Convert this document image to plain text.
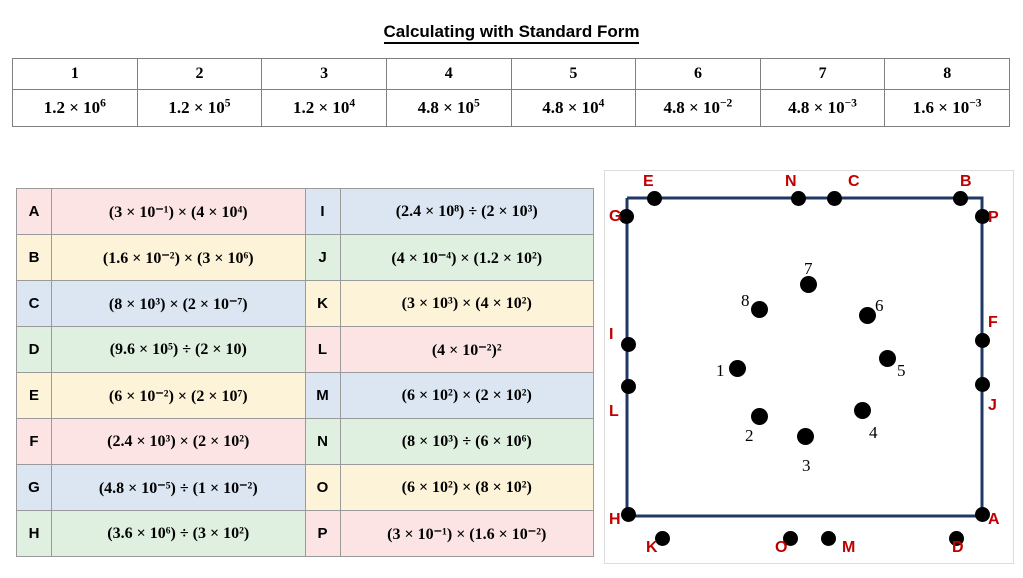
Calculating with Standard Form
1	2	3	4	5	6	7	8
$1.2 \times 10^6$	$1.2 \times 10^5$	$1.2 \times 10^4$	$4.8 \times 10^5$	$4.8 \times 10^4$	$4.8 \times 10^{-2}$	$4.8 \times 10^{-3}$	$1.6 \times 10^{-3}$
A	(3 × 10⁻¹) × (4 × 10⁴)	I	(2.4 × 10⁸) ÷ (2 × 10³)
B	(1.6 × 10⁻²) × (3 × 10⁶)	J	(4 × 10⁻⁴) × (1.2 × 10²)
C	(8 × 10³) × (2 × 10⁻⁷)	K	(3 × 10³) × (4 × 10²)
D	(9.6 × 10⁵) ÷ (2 × 10)	L	(4 × 10⁻²)²
E	(6 × 10⁻²) × (2 × 10⁷)	M	(6 × 10²) × (2 × 10²)
F	(2.4 × 10³) × (2 × 10²)	N	(8 × 10³) ÷ (6 × 10⁶)
G	(4.8 × 10⁻⁵) ÷ (1 × 10⁻²)	O	(6 × 10²) × (8 × 10²)
H	(3.6 × 10⁶) ÷ (3 × 10²)	P	(3 × 10⁻¹) × (1.6 × 10⁻²)
E	N	C	B
G	P
I
F
L	J
H	A
K	O	M	D
1
2
3
4
5
6
7
8
